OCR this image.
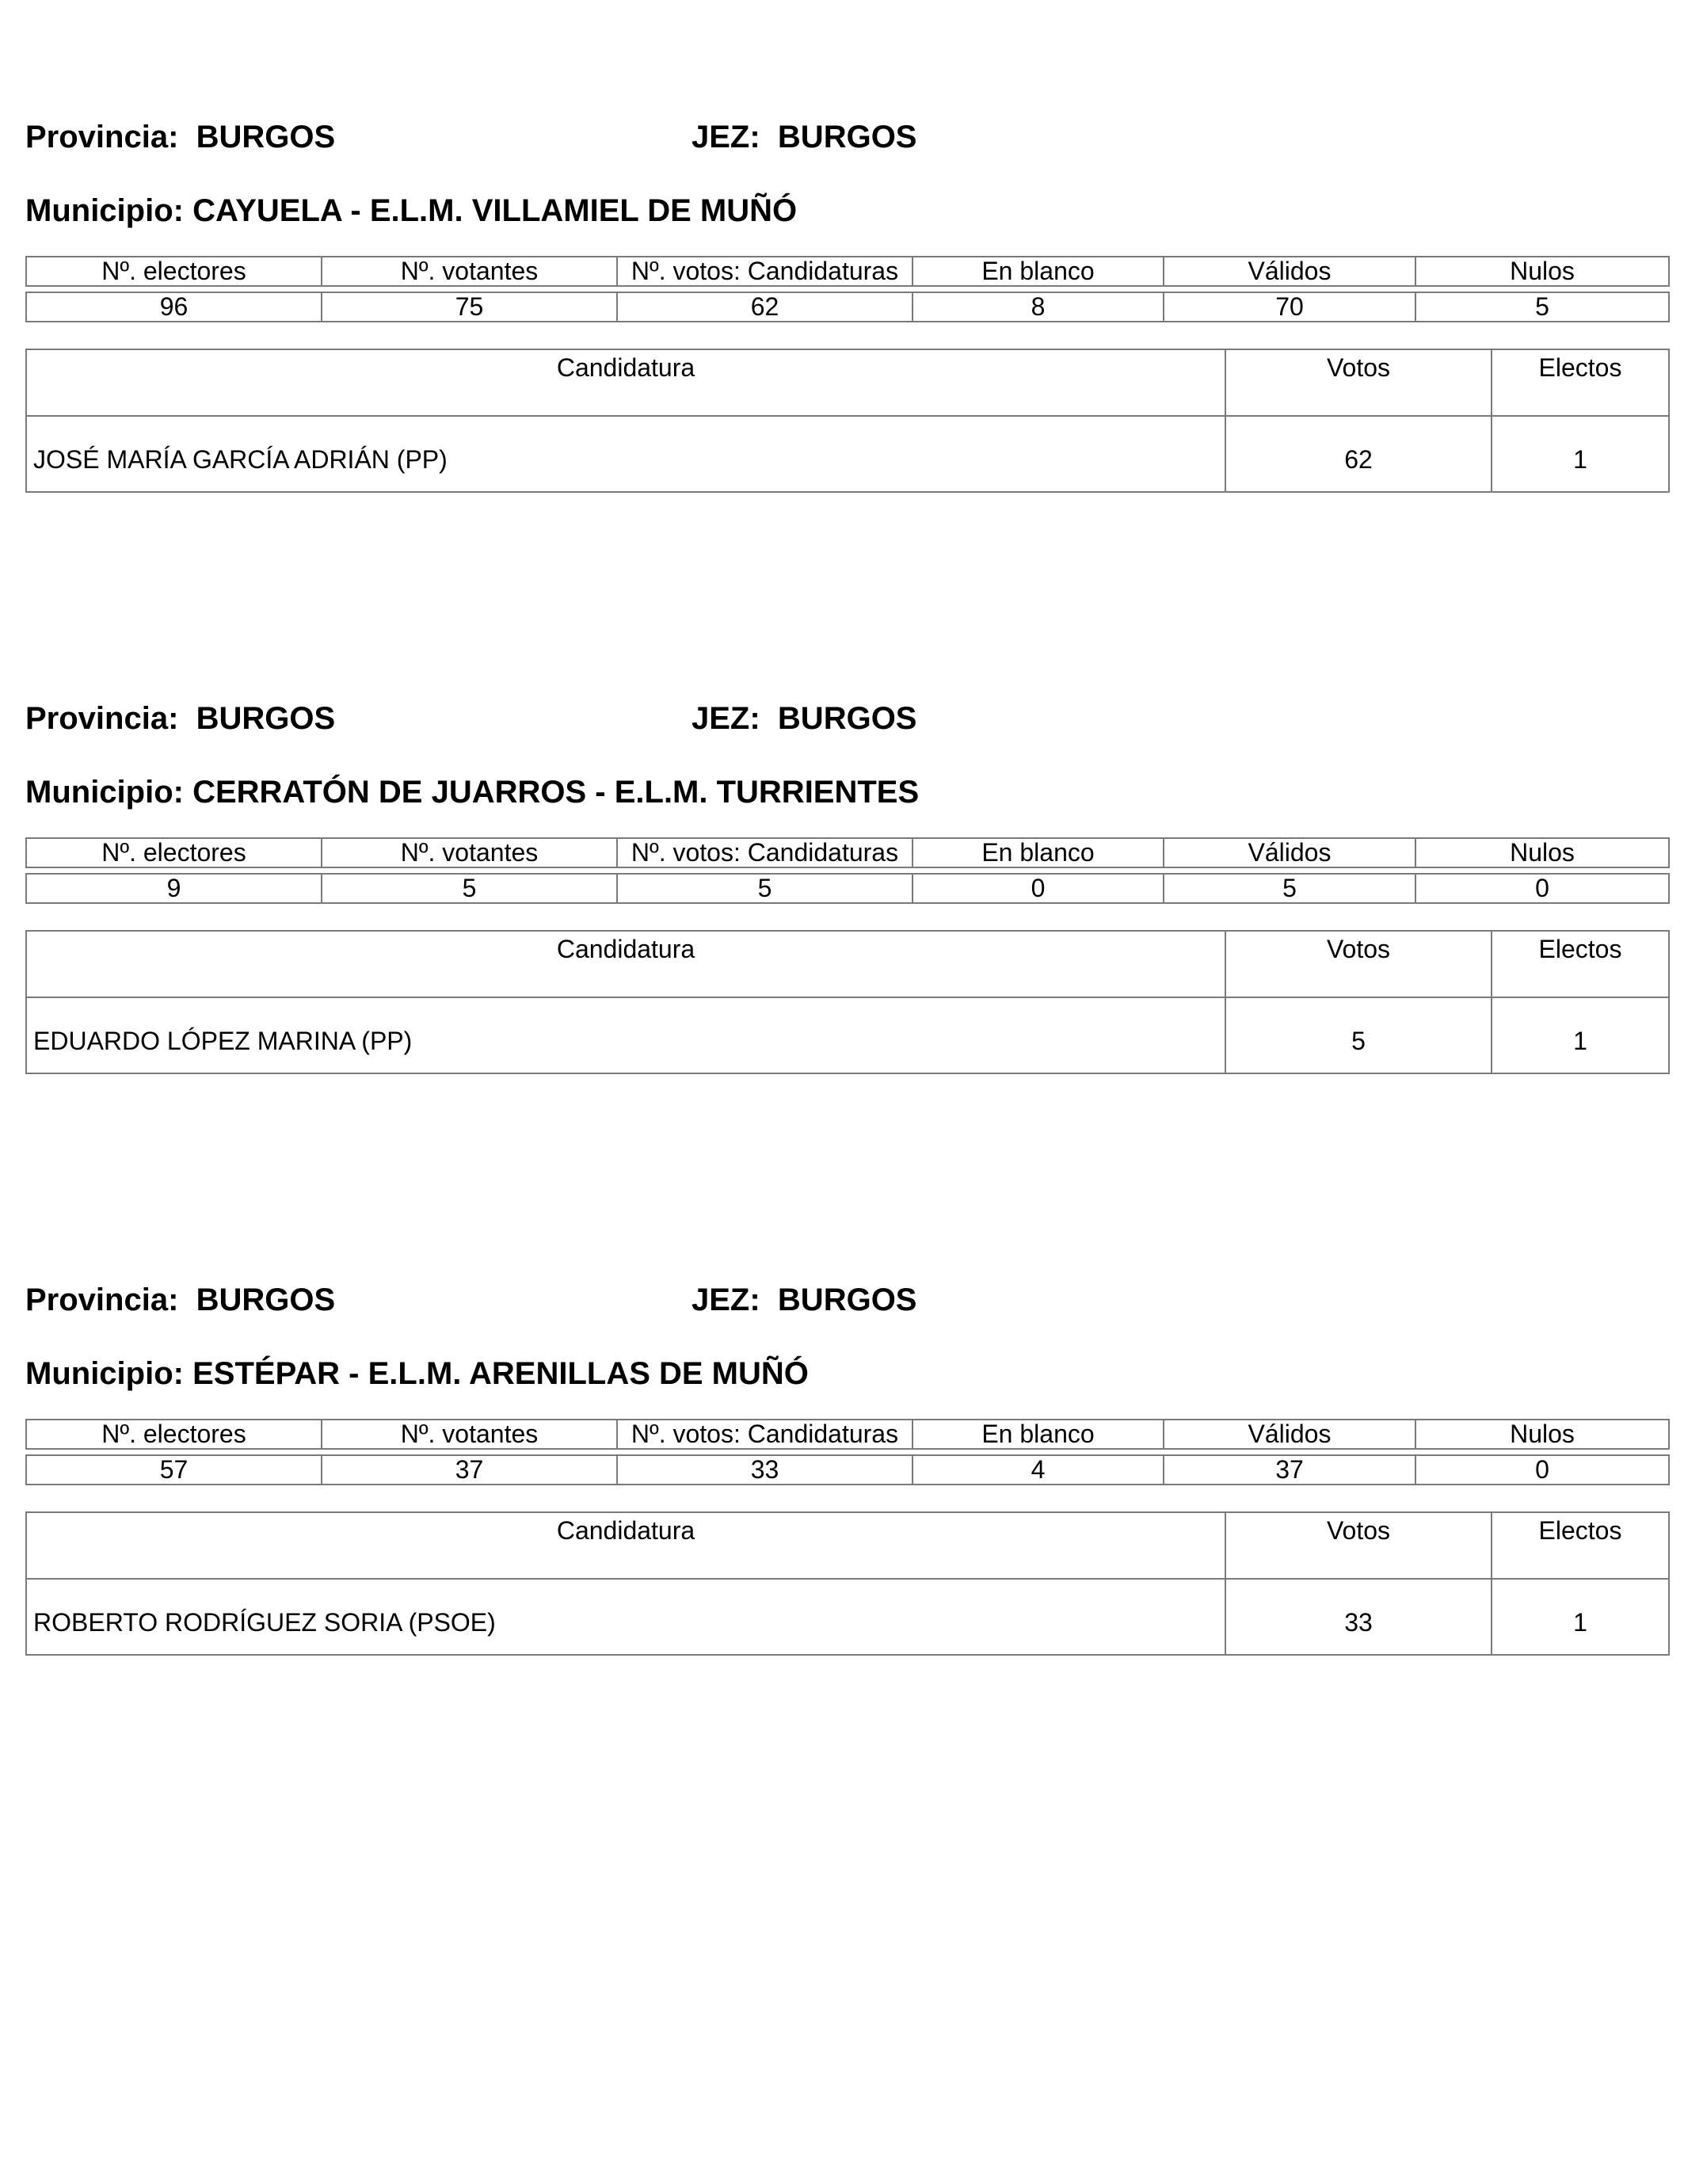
Provincia: BURGOS	JEZ: BURGOS
Municipio: CAYUELA - E.L.M. VILLAMIEL DE MUÑÓ
Nº. electores	Nº. votantes	Nº. votos: Candidaturas	En blanco	Válidos	Nulos

96	75	62	8	70	5
Candidatura	Votos	Electos
JOSÉ MARÍA GARCÍA ADRIÁN (PP)	62	1
Provincia: BURGOS	JEZ: BURGOS
Municipio: CERRATÓN DE JUARROS - E.L.M. TURRIENTES
Nº. electores	Nº. votantes	Nº. votos: Candidaturas	En blanco	Válidos	Nulos

9	5	5	0	5	0
Candidatura	Votos	Electos
EDUARDO LÓPEZ MARINA (PP)	5	1
Provincia: BURGOS	JEZ: BURGOS
Municipio: ESTÉPAR - E.L.M. ARENILLAS DE MUÑÓ
Nº. electores	Nº. votantes	Nº. votos: Candidaturas	En blanco	Válidos	Nulos

57	37	33	4	37	0
Candidatura	Votos	Electos
ROBERTO RODRÍGUEZ SORIA (PSOE)	33	1
